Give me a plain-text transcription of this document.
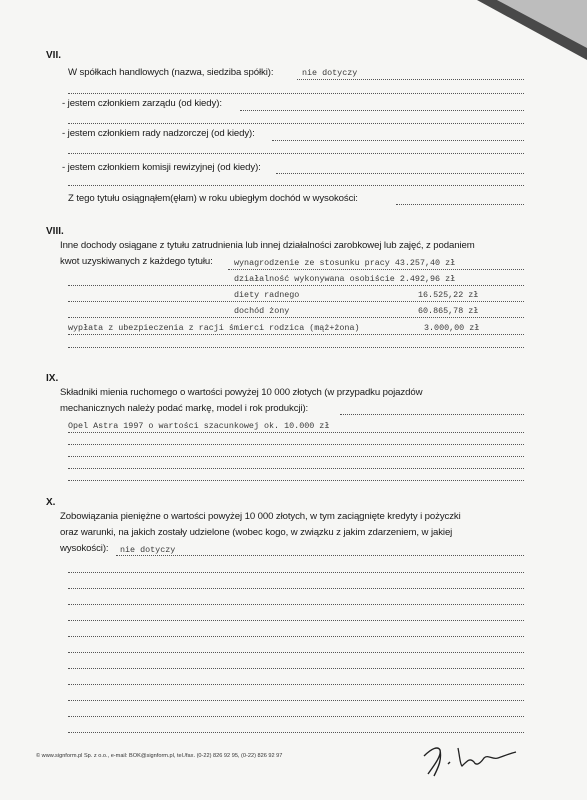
VII.
W spółkach handlowych (nazwa, siedziba spółki):	nie dotyczy
- jestem członkiem zarządu (od kiedy):
- jestem członkiem rady nadzorczej (od kiedy):
- jestem członkiem komisji rewizyjnej (od kiedy):
Z tego tytułu osiągnąłem(ęłam) w roku ubiegłym dochód w wysokości:
VIII.
Inne dochody osiągane z tytułu zatrudnienia lub innej działalności zarobkowej lub zajęć, z podaniem
kwot uzyskiwanych z każdego tytułu:	wynagrodzenie ze stosunku pracy 43.257,40 zł
działalność wykonywana osobiście 2.492,96 zł
diety radnego	16.525,22 zł
dochód żony	60.865,78 zł
wypłata z ubezpieczenia z racji śmierci rodzica (mąż+żona)	3.000,00 zł
IX.
Składniki mienia ruchomego o wartości powyżej 10 000 złotych (w przypadku pojazdów
mechanicznych należy podać markę, model i rok produkcji):
Opel Astra 1997 o wartości szacunkowej ok. 10.000 zł
X.
Zobowiązania pieniężne o wartości powyżej 10 000 złotych, w tym zaciągnięte kredyty i pożyczki
oraz warunki, na jakich zostały udzielone (wobec kogo, w związku z jakim zdarzeniem, w jakiej
wysokości): nie dotyczy
© www.signform.pl Sp. z o.o., e-mail: BOK@signform.pl, tel./fax. (0-22) 826 92 95, (0-22) 826 92 97
